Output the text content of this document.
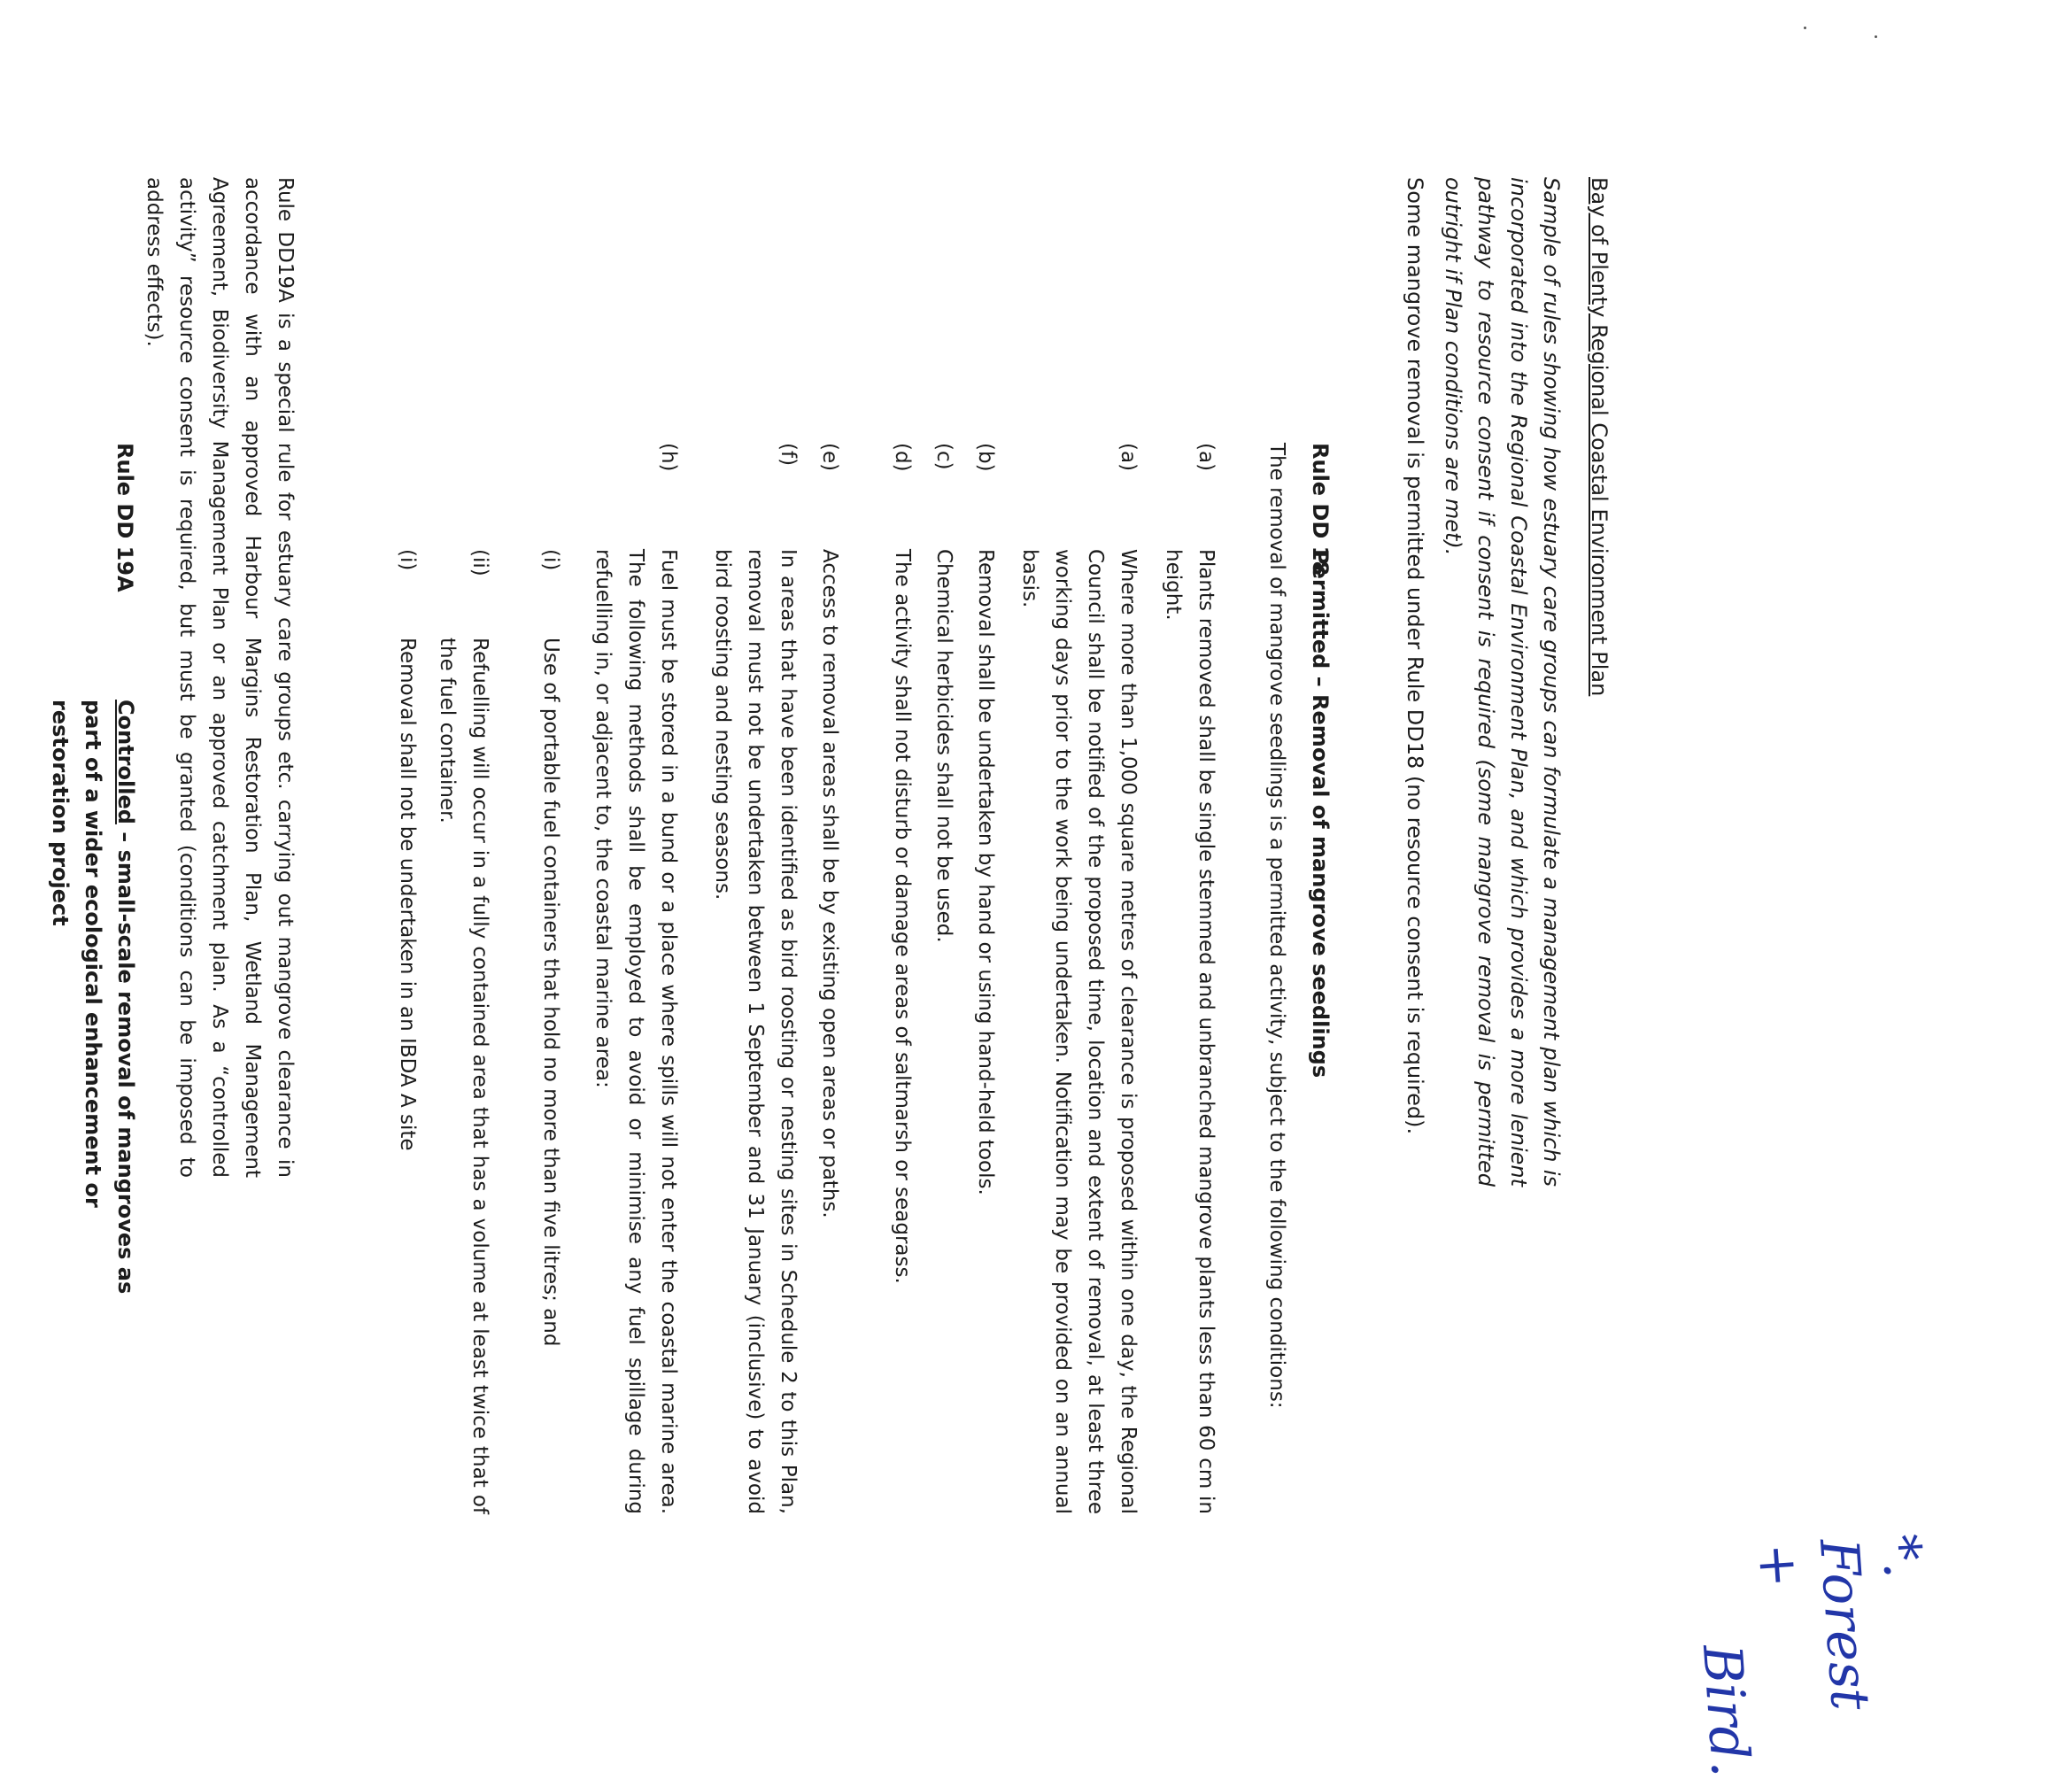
*. Forest +
Bird.

Bay of Plenty Regional Coastal Environment Plan

Sample of rules showing how estuary care groups can formulate a management plan which is incorporated into the Regional Coastal Environment Plan, and which provides a more lenient pathway to resource consent if consent is required (some mangrove removal is permitted outright if Plan conditions are met).

Some mangrove removal is permitted under Rule DD18 (no resource consent is required).

Rule DD 18

Permitted – Removal of mangrove seedlings

The removal of mangrove seedlings is a permitted activity, subject to the following conditions:

(a)
Plants removed shall be single stemmed and unbranched mangrove plants less than 60 cm in height.
(a)
Where more than 1,000 square metres of clearance is proposed within one day, the Regional Council shall be notified of the proposed time, location and extent of removal, at least three working days prior to the work being undertaken. Notification may be provided on an annual basis.
(b)
Removal shall be undertaken by hand or using hand-held tools.
(c)
Chemical herbicides shall not be used.
(d)
The activity shall not disturb or damage areas of saltmarsh or seagrass.

Rule DD19A is a special rule for estuary care groups etc. carrying out mangrove clearance in accordance with an approved Harbour Margins Restoration Plan, Wetland Management Agreement, Biodiversity Management Plan or an approved catchment plan. As a “controlled activity” resource consent is required, but must be granted (conditions can be imposed to address effects).

Rule DD 19A

Controlled – small-scale removal of mangroves as part of a wider ecological enhancement or restoration project

(e)
Access to removal areas shall be by existing open areas or paths.
(f)
In areas that have been identified as bird roosting or nesting sites in Schedule 2 to this Plan, removal must not be undertaken between 1 September and 31 January (inclusive) to avoid bird roosting and nesting seasons.
(h)
Fuel must be stored in a bund or a place where spills will not enter the coastal marine area. The following methods shall be employed to avoid or minimise any fuel spillage during refuelling in, or adjacent to, the coastal marine area:
(i)
Use of portable fuel containers that hold no more than five litres; and
(ii)
Refuelling will occur in a fully contained area that has a volume at least twice that of the fuel container.
(i)
Removal shall not be undertaken in an IBDA A site
